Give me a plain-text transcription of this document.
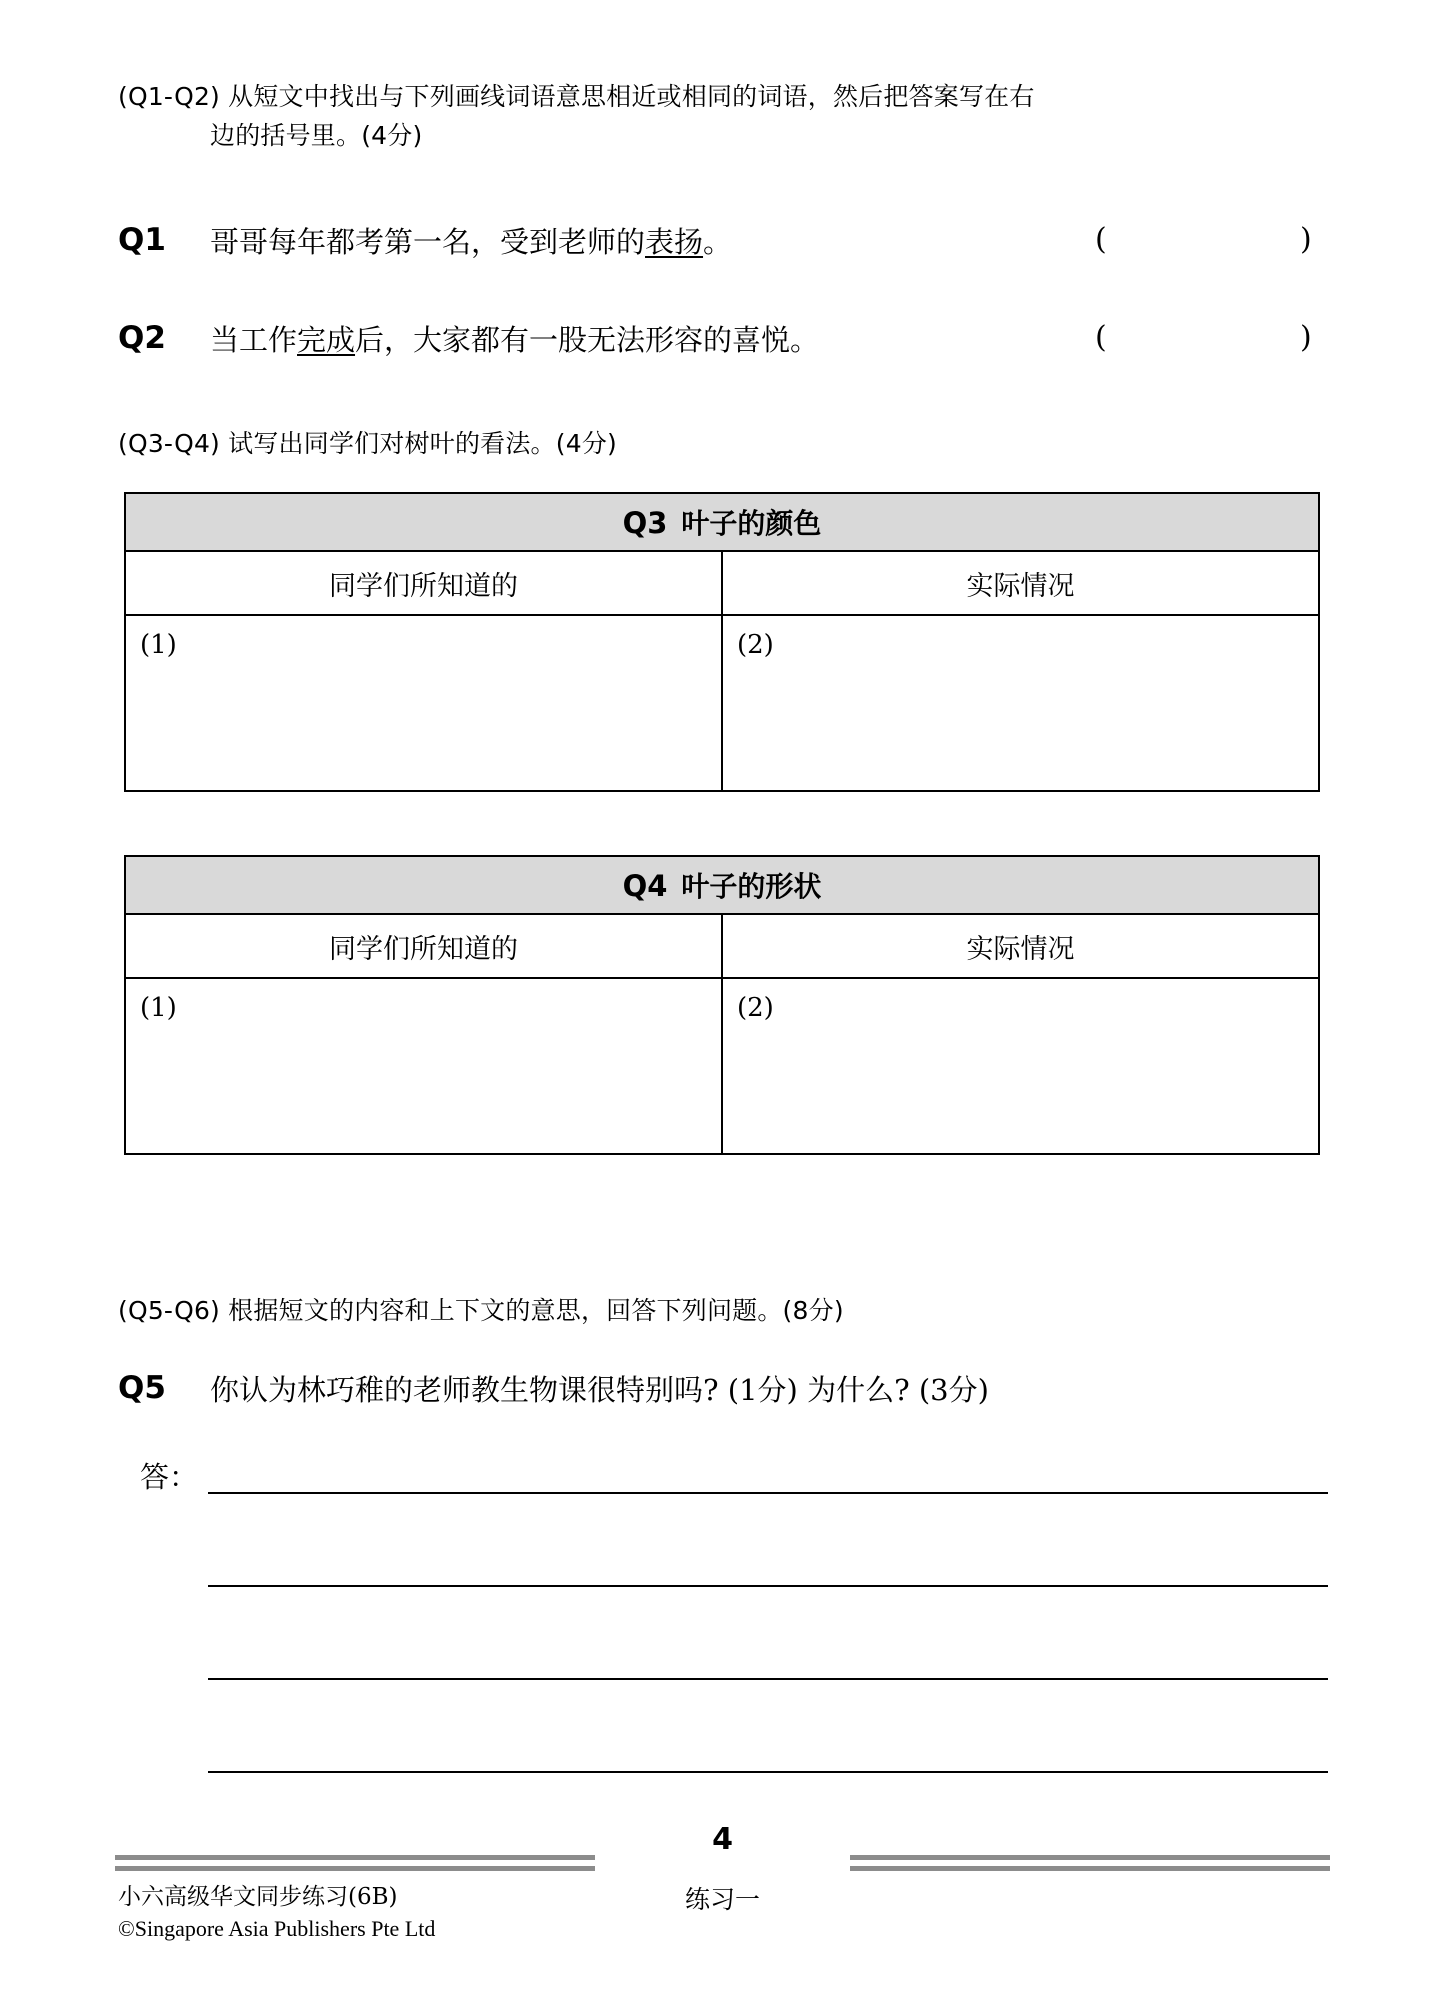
(Q1-Q2) 从短文中找出与下列画线词语意思相近或相同的词语，然后把答案写在右
边的括号里。(4分)
Q1	哥哥每年都考第一名，受到老师的表扬。	(	)
Q2	当工作完成后，大家都有一股无法形容的喜悦。	(	)
(Q3-Q4) 试写出同学们对树叶的看法。(4分)
Q3 叶子的颜色	
同学们所知道的	实际情况
(1)	(2)
Q4 叶子的形状	
同学们所知道的	实际情况
(1)	(2)
(Q5-Q6) 根据短文的内容和上下文的意思，回答下列问题。(8分)
Q5	你认为林巧稚的老师教生物课很特别吗? (1分) 为什么? (3分)
答：
4
练习一
小六高级华文同步练习(6B)
©Singapore Asia Publishers Pte Ltd
